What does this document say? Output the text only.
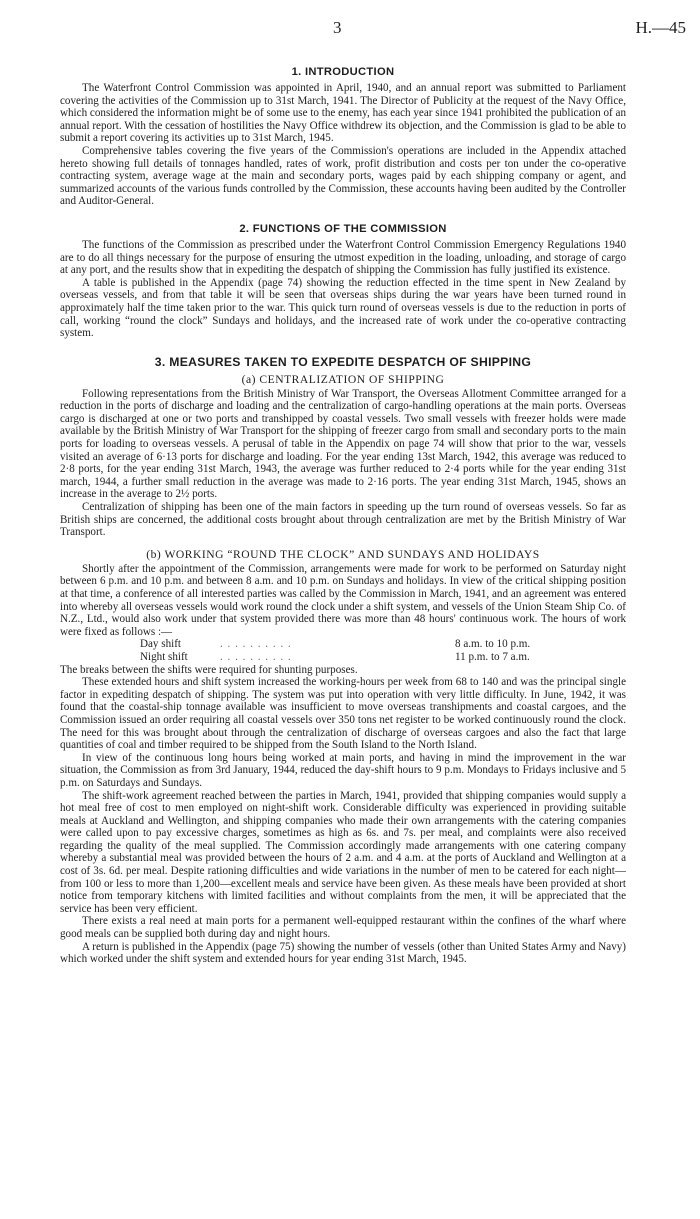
3	H.—45
1. INTRODUCTION

The Waterfront Control Commission was appointed in April, 1940, and an annual report was submitted to Parliament covering the activities of the Commission up to 31st March, 1941. The Director of Publicity at the request of the Navy Office, which considered the information might be of some use to the enemy, has each year since 1941 prohibited the publication of an annual report. With the cessation of hostilities the Navy Office withdrew its objection, and the Commission is glad to be able to submit a report covering its activities up to 31st March, 1945.

Comprehensive tables covering the five years of the Commission's operations are included in the Appendix attached hereto showing full details of tonnages handled, rates of work, profit distribution and costs per ton under the co-operative contracting system, average wage at the main and secondary ports, wages paid by each shipping company or agent, and summarized accounts of the various funds controlled by the Commission, these accounts having been audited by the Controller and Auditor-General.

2. FUNCTIONS OF THE COMMISSION

The functions of the Commission as prescribed under the Waterfront Control Commission Emergency Regulations 1940 are to do all things necessary for the purpose of ensuring the utmost expedition in the loading, unloading, and storage of cargo at any port, and the results show that in expediting the despatch of shipping the Commission has fully justified its existence.

A table is published in the Appendix (page 74) showing the reduction effected in the time spent in New Zealand by overseas vessels, and from that table it will be seen that overseas ships during the war years have been turned round in approximately half the time taken prior to the war. This quick turn round of overseas vessels is due to the reduction in ports of call, working “round the clock” Sundays and holidays, and the increased rate of work under the co-operative contracting system.

3. MEASURES TAKEN TO EXPEDITE DESPATCH OF SHIPPING
(a) CENTRALIZATION OF SHIPPING

Following representations from the British Ministry of War Transport, the Overseas Allotment Committee arranged for a reduction in the ports of discharge and loading and the centralization of cargo-handling operations at the main ports. Overseas cargo is discharged at one or two ports and transhipped by coastal vessels. Two small vessels with freezer holds were made available by the British Ministry of War Transport for the shipping of freezer cargo from small and secondary ports to the main ports for loading to overseas vessels. A perusal of table in the Appendix on page 74 will show that prior to the war, vessels visited an average of 6·13 ports for discharge and loading. For the year ending 13st March, 1942, this average was reduced to 2·8 ports, for the year ending 31st March, 1943, the average was further reduced to 2·4 ports while for the year ending 31st march, 1944, a further small reduction in the average was made to 2·16 ports. The year ending 31st March, 1945, shows an increase in the average to 2½ ports.

Centralization of shipping has been one of the main factors in speeding up the turn round of overseas vessels. So far as British ships are concerned, the additional costs brought about through centralization are met by the British Ministry of War Transport.

(b) WORKING “ROUND THE CLOCK” AND SUNDAYS AND HOLIDAYS

Shortly after the appointment of the Commission, arrangements were made for work to be performed on Saturday night between 6 p.m. and 10 p.m. and between 8 a.m. and 10 p.m. on Sundays and holidays. In view of the critical shipping position at that time, a conference of all interested parties was called by the Commission in March, 1941, and an agreement was entered into whereby all overseas vessels would work round the clock under a shift system, and vessels of the Union Steam Ship Co. of N.Z., Ltd., would also work under that system provided there was more than 48 hours' continuous work. The hours of work were fixed as follows :—

Day shift	. . . . . . . . . .	8 a.m. to 10 p.m.
Night shift	. . . . . . . . . .	11 p.m. to 7 a.m.

The breaks between the shifts were required for shunting purposes.

These extended hours and shift system increased the working-hours per week from 68 to 140 and was the principal single factor in expediting despatch of shipping. The system was put into operation with very little difficulty. In June, 1942, it was found that the coastal-ship tonnage available was insufficient to move overseas transhipments and coastal cargoes, and the Commission issued an order requiring all coastal vessels over 350 tons net register to be worked continuously round the clock. The need for this was brought about through the centralization of discharge of overseas cargoes and also the fact that large quantities of coal and timber required to be shipped from the South Island to the North Island.

In view of the continuous long hours being worked at main ports, and having in mind the improvement in the war situation, the Commission as from 3rd January, 1944, reduced the day-shift hours to 9 p.m. Mondays to Fridays inclusive and 5 p.m. on Saturdays and Sundays.

The shift-work agreement reached between the parties in March, 1941, provided that shipping companies would supply a hot meal free of cost to men employed on night-shift work. Considerable difficulty was experienced in providing suitable meals at Auckland and Wellington, and shipping companies who made their own arrangements with the catering companies were called upon to pay excessive charges, sometimes as high as 6s. and 7s. per meal, and complaints were also received regarding the quality of the meal supplied. The Commission accordingly made arrangements with one catering company whereby a substantial meal was provided between the hours of 2 a.m. and 4 a.m. at the ports of Auckland and Wellington at a cost of 3s. 6d. per meal. Despite rationing difficulties and wide variations in the number of men to be catered for each night—from 100 or less to more than 1,200—excellent meals and service have been given. As these meals have been provided at short notice from temporary kitchens with limited facilities and without complaints from the men, it will be appreciated that the service has been very efficient.

There exists a real need at main ports for a permanent well-equipped restaurant within the confines of the wharf where good meals can be supplied both during day and night hours.

A return is published in the Appendix (page 75) showing the number of vessels (other than United States Army and Navy) which worked under the shift system and extended hours for year ending 31st March, 1945.
